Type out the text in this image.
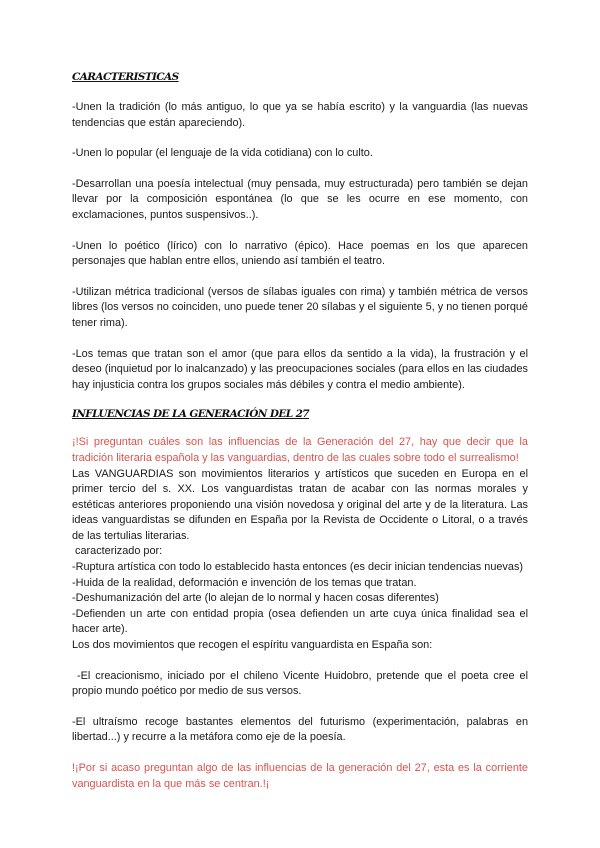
CARACTERISTICAS

-Unen la tradición (lo más antiguo, lo que ya se había escrito) y la vanguardia (las nuevas tendencias que están apareciendo).

-Unen lo popular (el lenguaje de la vida cotidiana) con lo culto.

-Desarrollan una poesía intelectual (muy pensada, muy estructurada) pero también se dejan llevar por la composición espontánea (lo que se les ocurre en ese momento, con exclamaciones, puntos suspensivos..).

-Unen lo poético (lírico) con lo narrativo (épico). Hace poemas en los que aparecen personajes que hablan entre ellos, uniendo así también el teatro.

-Utilizan métrica tradicional (versos de sílabas iguales con rima) y también métrica de versos libres (los versos no coinciden, uno puede tener 20 sílabas y el siguiente 5, y no tienen porqué tener rima).

-Los temas que tratan son el amor (que para ellos da sentido a la vida), la frustración y el deseo (inquietud por lo inalcanzado) y las preocupaciones sociales (para ellos en las ciudades hay injusticia contra los grupos sociales más débiles y contra el medio ambiente).

INFLUENCIAS DE LA GENERACIÓN DEL 27

¡!Si preguntan cuáles son las influencias de la Generación del 27, hay que decir que la tradición literaria española y las vanguardias, dentro de las cuales sobre todo el surrealismo!

Las VANGUARDIAS son movimientos literarios y artísticos que suceden en Europa en el primer tercio del s. XX. Los vanguardistas tratan de acabar con las normas morales y estéticas anteriores proponiendo una visión novedosa y original del arte y de la literatura. Las ideas vanguardistas se difunden en España por la Revista de Occidente o Litoral, o a través de las tertulias literarias.

caracterizado por:

-Ruptura artística con todo lo establecido hasta entonces (es decir inician tendencias nuevas)

-Huida de la realidad, deformación e invención de los temas que tratan.

-Deshumanización del arte (lo alejan de lo normal y hacen cosas diferentes)

-Defienden un arte con entidad propia (osea defienden un arte cuya única finalidad sea el hacer arte).

Los dos movimientos que recogen el espíritu vanguardista en España son:

-El creacionismo, iniciado por el chileno Vicente Huidobro, pretende que el poeta cree el propio mundo poético por medio de sus versos.

-El ultraísmo recoge bastantes elementos del futurismo (experimentación, palabras en libertad...) y recurre a la metáfora como eje de la poesía.

!¡Por si acaso preguntan algo de las influencias de la generación del 27, esta es la corriente vanguardista en la que más se centran.!¡
